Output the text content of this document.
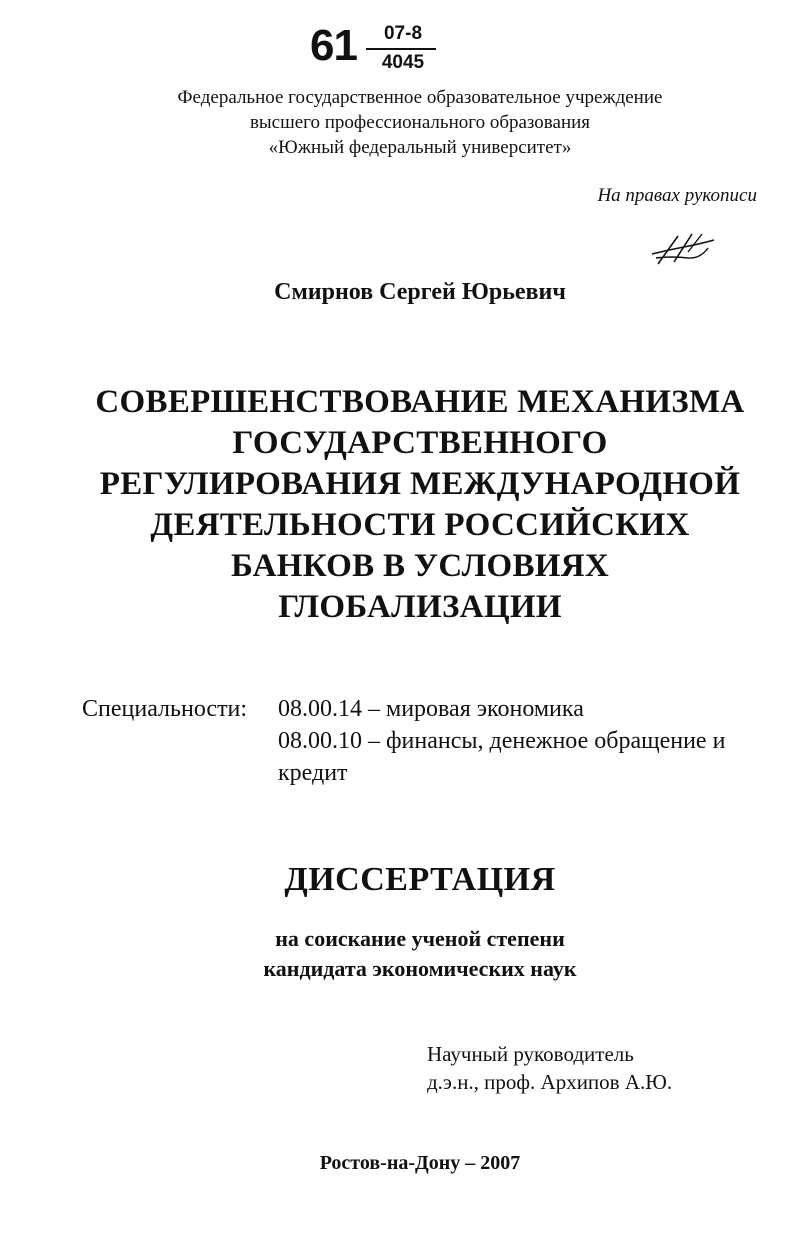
61	07-8
4045
Федеральное государственное образовательное учреждение
высшего профессионального образования
«Южный федеральный университет»
На правах рукописи
Смирнов Сергей Юрьевич
СОВЕРШЕНСТВОВАНИЕ МЕХАНИЗМА
ГОСУДАРСТВЕННОГО
РЕГУЛИРОВАНИЯ МЕЖДУНАРОДНОЙ
ДЕЯТЕЛЬНОСТИ РОССИЙСКИХ
БАНКОВ В УСЛОВИЯХ
ГЛОБАЛИЗАЦИИ
Специальности: 08.00.14 – мировая экономика
08.00.10 – финансы, денежное обращение и кредит
ДИССЕРТАЦИЯ
на соискание ученой степени
кандидата экономических наук
Научный руководитель
д.э.н., проф. Архипов А.Ю.
Ростов-на-Дону – 2007
